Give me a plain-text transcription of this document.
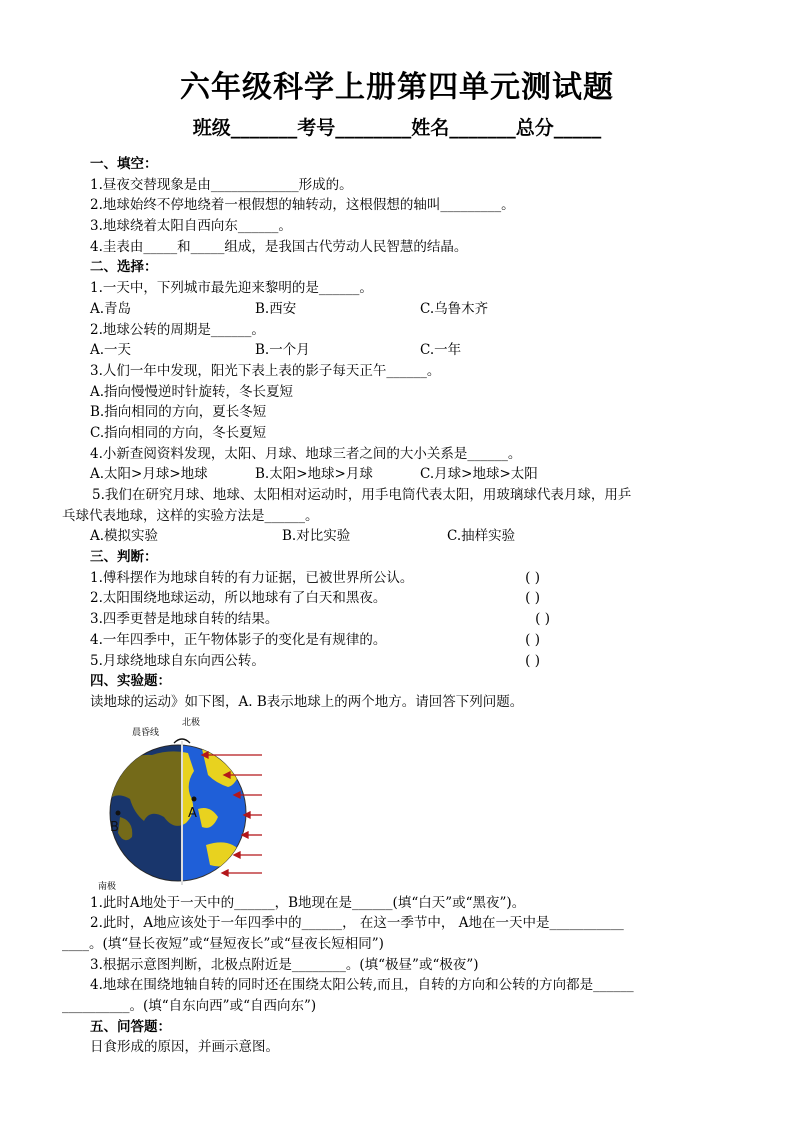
六年级科学上册第四单元测试题
班级_______考号________姓名_______总分_____
一、填空：
1.昼夜交替现象是由_____________形成的。
2.地球始终不停地绕着一根假想的轴转动，这根假想的轴叫_________。
3.地球绕着太阳自西向东______。
4.圭表由_____和_____组成，是我国古代劳动人民智慧的结晶。
二、选择：
1.一天中，下列城市最先迎来黎明的是______。
A.青岛	B.西安	C.乌鲁木齐
2.地球公转的周期是______。
A.一天	B.一个月	C.一年
3.人们一年中发现，阳光下表上表的影子每天正午______。
A.指向慢慢逆时针旋转，冬长夏短
B.指向相同的方向，夏长冬短
C.指向相同的方向，冬长夏短
4.小新查阅资料发现，太阳、月球、地球三者之间的大小关系是______。
A.太阳>月球>地球	B.太阳>地球>月球	C.月球>地球>太阳
5.我们在研究月球、地球、太阳相对运动时，用手电筒代表太阳，用玻璃球代表月球，用乒
乓球代表地球，这样的实验方法是______。
A.模拟实验	B.对比实验	C.抽样实验
三、判断：
1.傅科摆作为地球自转的有力证据，已被世界所公认。	( )
2.太阳围绕地球运动，所以地球有了白天和黑夜。	( )
3.四季更替是地球自转的结果。	( )
4.一年四季中，正午物体影子的变化是有规律的。	( )
5.月球绕地球自东向西公转。	( )
四、实验题：
读地球的运动》如下图，A. B表示地球上的两个地方。请回答下列问题。
晨昏线
北极
南极
A
B
1.此时A地处于一天中的______，B地现在是______(填“白天”或“黑夜”)。
2.此时，A地应该处于一年四季中的______， 在这一季节中， A地在一天中是___________
____。(填“昼长夜短”或“昼短夜长”或“昼夜长短相同”)
3.根据示意图判断，北极点附近是________。(填“极昼”或“极夜”)
4.地球在围绕地轴自转的同时还在围绕太阳公转,而且，自转的方向和公转的方向都是______
__________。(填“自东向西”或“自西向东”)
五、问答题：
日食形成的原因，并画示意图。
